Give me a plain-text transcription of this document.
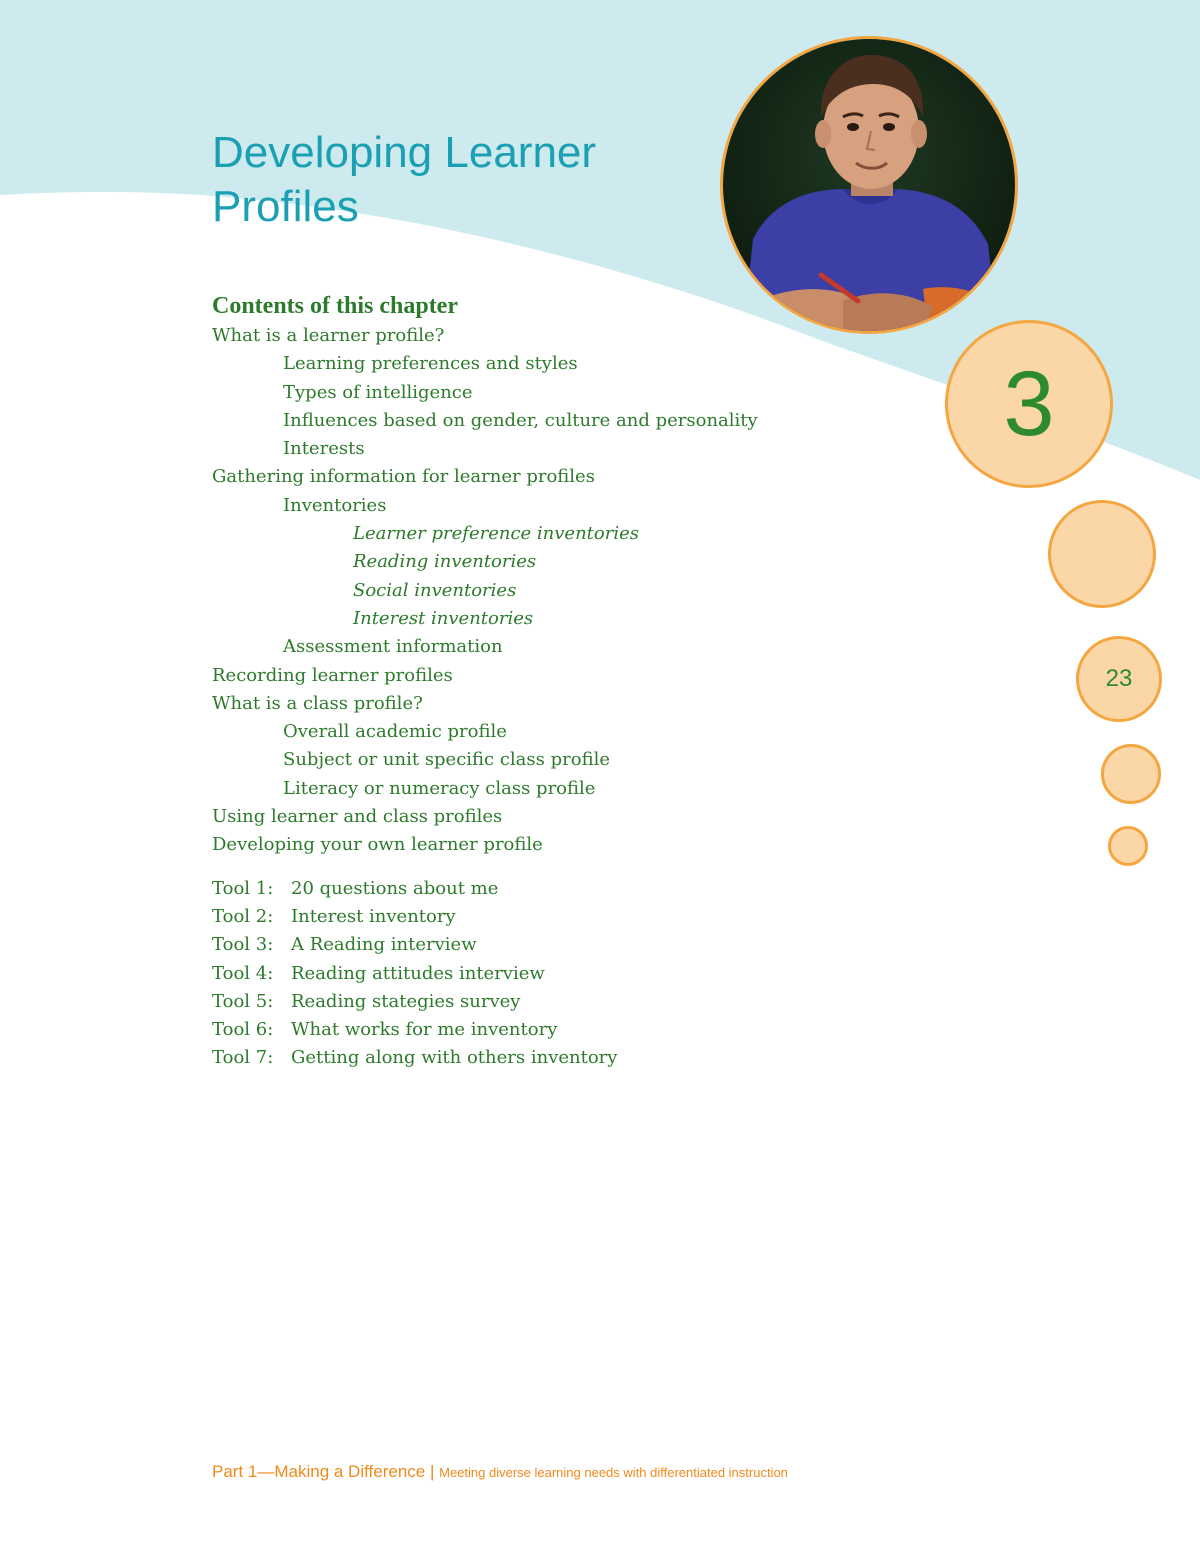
Developing Learner
Profiles
3
23
Contents of this chapter
What is a learner profile?
Learning preferences and styles
Types of intelligence
Influences based on gender, culture and personality
Interests
Gathering information for learner profiles
Inventories
Learner preference inventories
Reading inventories
Social inventories
Interest inventories
Assessment information
Recording learner profiles
What is a class profile?
Overall academic profile
Subject or unit specific class profile
Literacy or numeracy class profile
Using learner and class profiles
Developing your own learner profile
Tool 1: 20 questions about me
Tool 2: Interest inventory
Tool 3: A Reading interview
Tool 4: Reading attitudes interview
Tool 5: Reading stategies survey
Tool 6: What works for me inventory
Tool 7: Getting along with others inventory
Part 1—Making a Difference | Meeting diverse learning needs with differentiated instruction
